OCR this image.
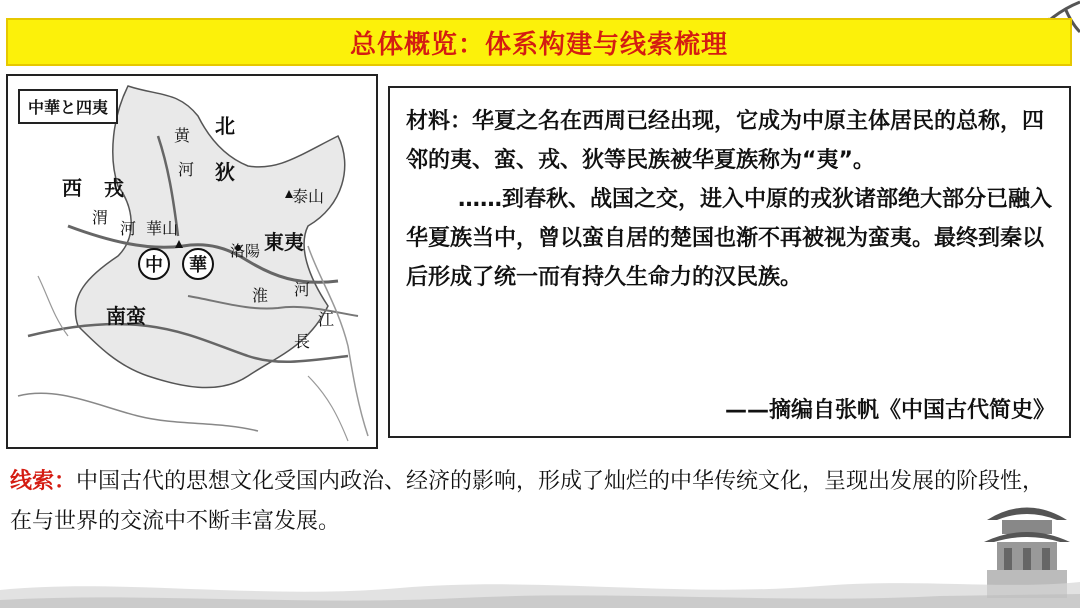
总体概览：体系构建与线索梳理
中華と四夷
黄
河
北
狄
西 戎	泰山
渭
河 華山
東夷
洛陽
南蛮
淮 河
江
長
中	華

材料：华夏之名在西周已经出现，它成为中原主体居民的总称，四邻的夷、蛮、戎、狄等民族被华夏族称为“夷”。

……到春秋、战国之交，进入中原的戎狄诸部绝大部分已融入华夏族当中，曾以蛮自居的楚国也渐不再被视为蛮夷。最终到秦以后形成了统一而有持久生命力的汉民族。

——摘编自张帆《中国古代简史》
线索：中国古代的思想文化受国内政治、经济的影响，形成了灿烂的中华传统文化，呈现出发展的阶段性，在与世界的交流中不断丰富发展。
